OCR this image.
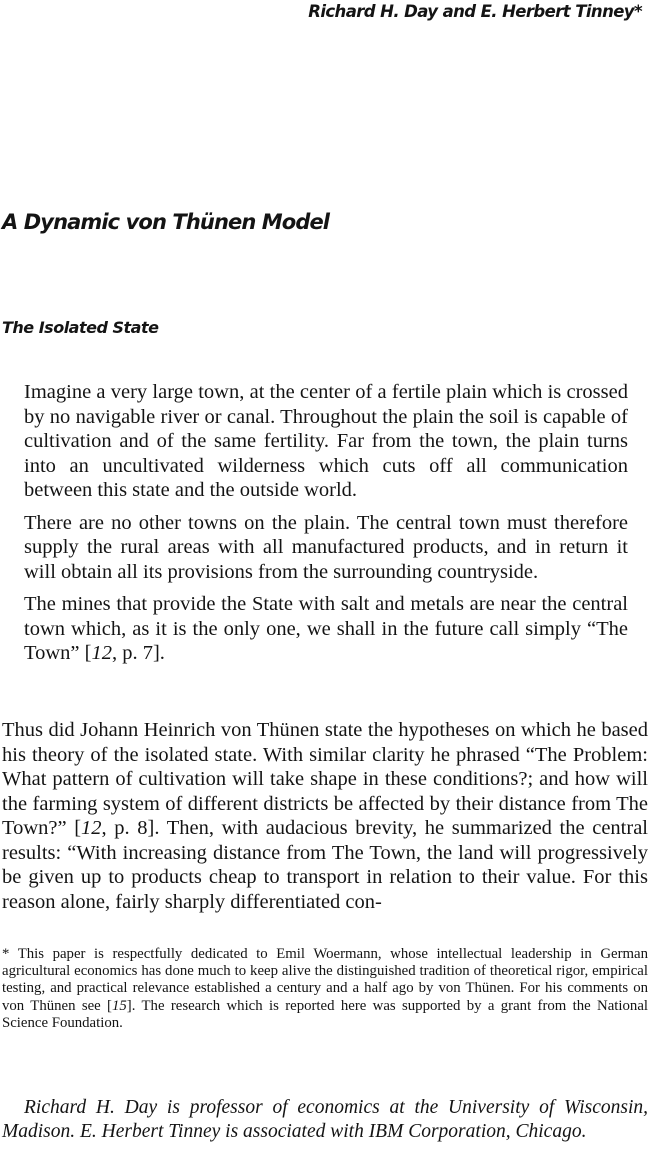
Richard H. Day and E. Herbert Tinney*
A Dynamic von Thünen Model
The Isolated State

Imagine a very large town, at the center of a fertile plain which is crossed by no navigable river or canal. Throughout the plain the soil is capable of cultivation and of the same fertility. Far from the town, the plain turns into an uncultivated wilderness which cuts off all communication between this state and the outside world.

There are no other towns on the plain. The central town must therefore supply the rural areas with all manufactured products, and in return it will obtain all its provisions from the surrounding countryside.

The mines that provide the State with salt and metals are near the central town which, as it is the only one, we shall in the future call simply “The Town” [12, p. 7].

Thus did Johann Heinrich von Thünen state the hypotheses on which he based his theory of the isolated state. With similar clarity he phrased “The Problem: What pattern of cultivation will take shape in these conditions?; and how will the farming system of different districts be affected by their distance from The Town?” [12, p. 8]. Then, with audacious brevity, he summarized the central results: “With increasing distance from The Town, the land will progressively be given up to products cheap to transport in relation to their value. For this reason alone, fairly sharply differentiated con-

* This paper is respectfully dedicated to Emil Woermann, whose intellectual leadership in German agricultural economics has done much to keep alive the distinguished tradition of theoretical rigor, empirical testing, and practical relevance established a century and a half ago by von Thünen. For his comments on von Thünen see [15]. The research which is reported here was supported by a grant from the National Science Foundation.

Richard H. Day is professor of economics at the University of Wisconsin, Madison. E. Herbert Tinney is associated with IBM Corporation, Chicago.
